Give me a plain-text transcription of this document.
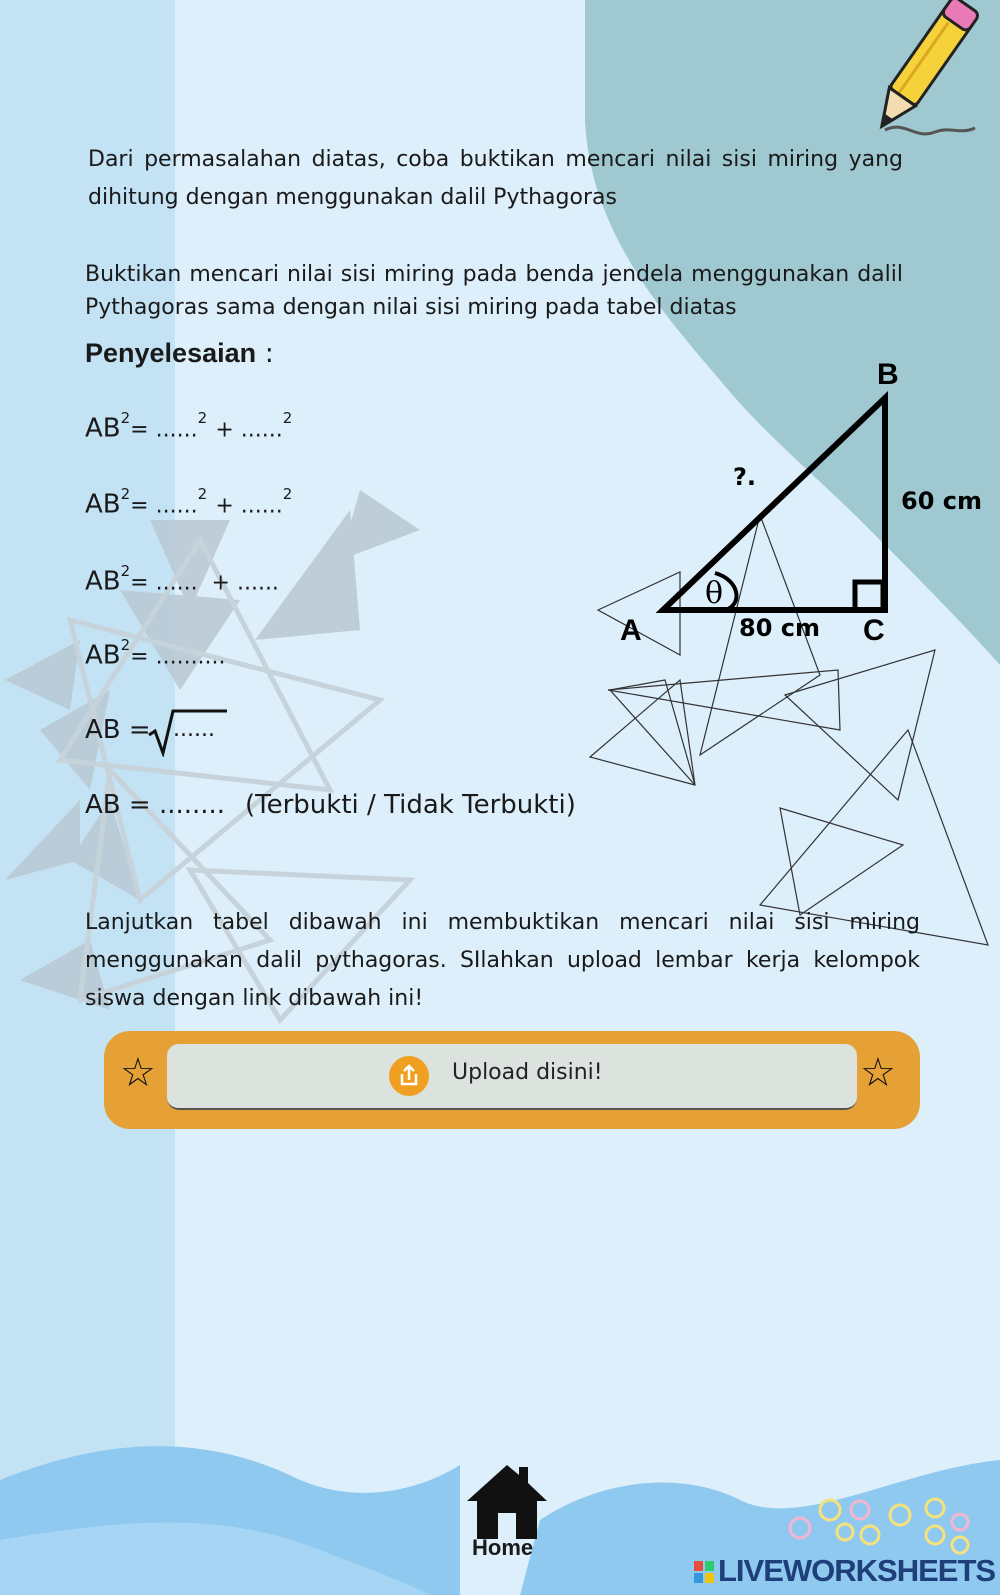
Dari permasalahan diatas, coba buktikan mencari nilai sisi miring yang dihitung dengan menggunakan dalil Pythagoras
Buktikan mencari nilai sisi miring pada benda jendela menggunakan dalil Pythagoras sama dengan nilai sisi miring pada tabel diatas
Penyelesaian :
$AB^2= ......^2 + ......^2$
$AB^2= ......^2 + ......^2$
$AB^2=$ ......  + ......
$AB^2=$ ..........
AB = ......
AB = ........ (Terbukti / Tidak Terbukti)
θ
A
B
C
60 cm
80 cm
?.
Lanjutkan tabel dibawah ini membuktikan mencari nilai sisi miring menggunakan dalil pythagoras. SIlahkan upload lembar kerja kelompok siswa dengan link dibawah ini!
☆	Upload disini!	☆
Home
LIVEWORKSHEETS
